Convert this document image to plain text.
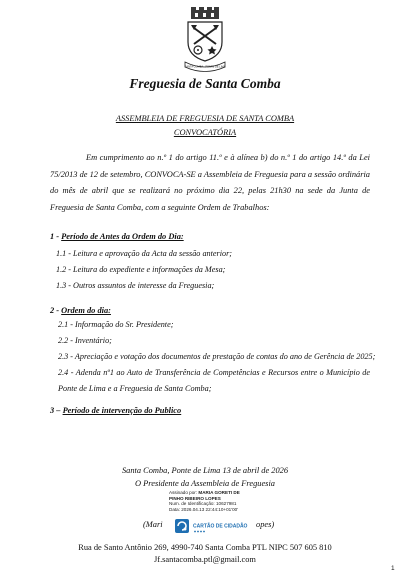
SANTA COMBA - PONTE DE LIMA
Freguesia de Santa Comba
ASSEMBLEIA DE FREGUESIA DE SANTA COMBA
CONVOCATÓRIA
Em cumprimento ao n.º 1 do artigo 11.º e à alínea b) do n.º 1 do artigo 14.º da Lei 75/2013 de 12 de setembro, CONVOCA-SE a Assembleia de Freguesia para a sessão ordinária do mês de abril que se realizará no próximo dia 22, pelas 21h30 na sede da Junta de Freguesia de Santa Comba, com a seguinte Ordem de Trabalhos:
1 - Período de Antes da Ordem do Dia:
1.1 - Leitura e aprovação da Acta da sessão anterior;
1.2 - Leitura do expediente e informações da Mesa;
1.3 - Outros assuntos de interesse da Freguesia;
2 - Ordem do dia:
2.1 - Informação do Sr. Presidente;
2.2 - Inventário;
2.3 - Apreciação e votação dos documentos de prestação de contas do ano de Gerência de 2025;
2.4 - Adenda nº1 ao Auto de Transferência de Competências e Recursos entre o Município de Ponte de Lima e a Freguesia de Santa Comba;
3 – Período de intervenção do Publico
Santa Comba, Ponte de Lima 13 de abril de 2026
O Presidente da Assembleia de Freguesia
Assinado por: MARIA GORETI DE
PINHO RIBEIRO LOPES
Num. de Identificação: 10627981
Data: 2026.04.13 22:44:10+01'00'
(Mari	CARTÃO DE CIDADÃO opes)
Rua de Santo Antônio 269, 4990-740 Santa Comba PTL NIPC 507 605 810
Jf.santacomba.ptl@gmail.com
1
